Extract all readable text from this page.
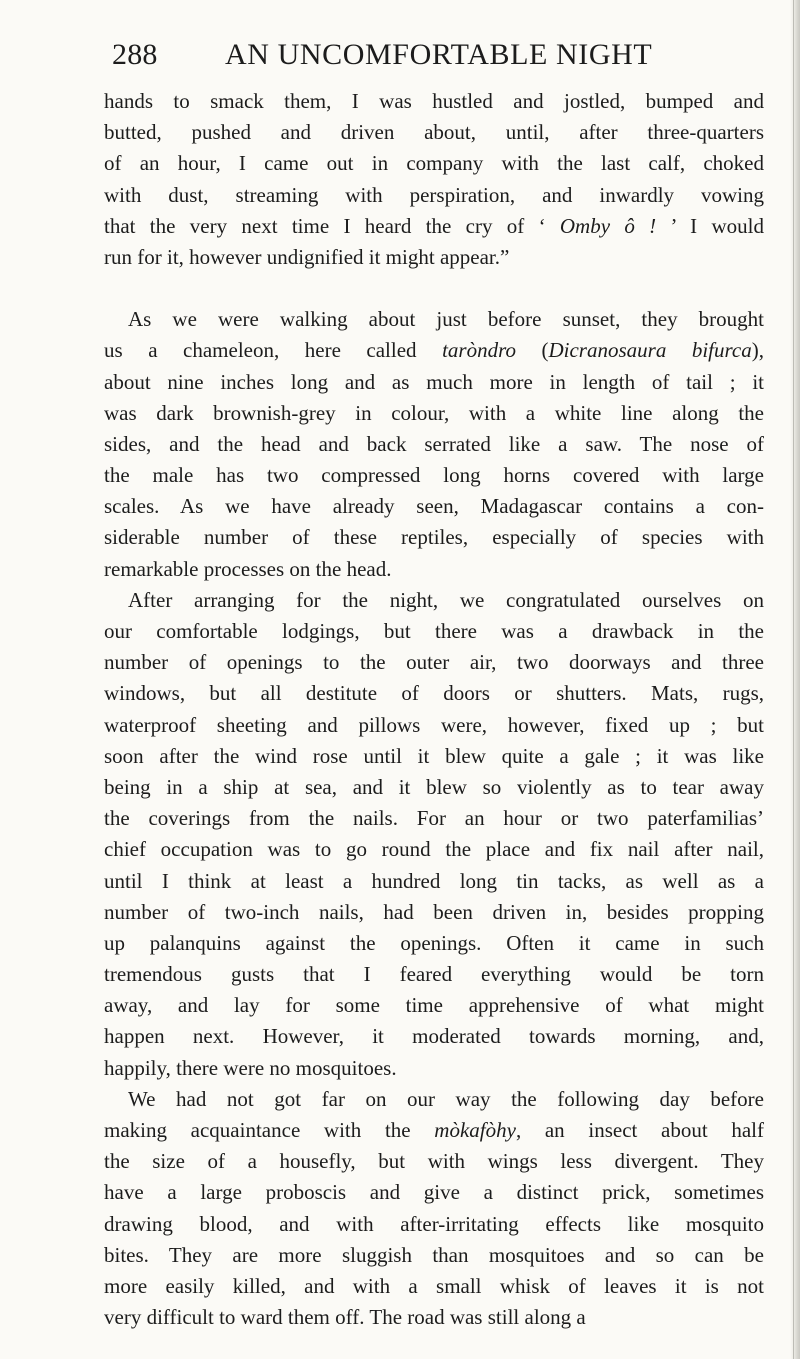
288 AN UNCOMFORTABLE NIGHT
hands to smack them, I was hustled and jostled, bumped and
butted, pushed and driven about, until, after three-quarters
of an hour, I came out in company with the last calf, choked
with dust, streaming with perspiration, and inwardly vowing
that the very next time I heard the cry of ‘ Omby ô ! ’ I would
run for it, however undignified it might appear.”
As we were walking about just before sunset, they brought
us a chameleon, here called taròndro (Dicranosaura bifurca),
about nine inches long and as much more in length of tail ; it
was dark brownish-grey in colour, with a white line along the
sides, and the head and back serrated like a saw. The nose of
the male has two compressed long horns covered with large
scales. As we have already seen, Madagascar contains a con-
siderable number of these reptiles, especially of species with
remarkable processes on the head.
After arranging for the night, we congratulated ourselves on
our comfortable lodgings, but there was a drawback in the
number of openings to the outer air, two doorways and three
windows, but all destitute of doors or shutters. Mats, rugs,
waterproof sheeting and pillows were, however, fixed up ; but
soon after the wind rose until it blew quite a gale ; it was like
being in a ship at sea, and it blew so violently as to tear away
the coverings from the nails. For an hour or two paterfamilias’
chief occupation was to go round the place and fix nail after nail,
until I think at least a hundred long tin tacks, as well as a
number of two-inch nails, had been driven in, besides propping
up palanquins against the openings. Often it came in such
tremendous gusts that I feared everything would be torn
away, and lay for some time apprehensive of what might
happen next. However, it moderated towards morning, and,
happily, there were no mosquitoes.
We had not got far on our way the following day before
making acquaintance with the mòkafòhy, an insect about half
the size of a housefly, but with wings less divergent. They
have a large proboscis and give a distinct prick, sometimes
drawing blood, and with after-irritating effects like mosquito
bites. They are more sluggish than mosquitoes and so can be
more easily killed, and with a small whisk of leaves it is not
very difficult to ward them off. The road was still along a
